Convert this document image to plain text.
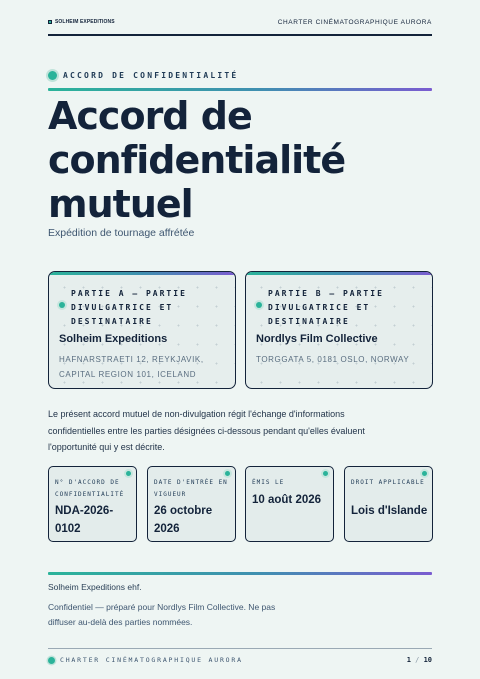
SOLHEIM EXPEDITIONS	CHARTER CINÉMATOGRAPHIQUE AURORA
ACCORD DE CONFIDENTIALITÉ
Accord de confidentialité mutuel
Expédition de tournage affrétée
PARTIE A — PARTIE DIVULGATRICE ET DESTINATAIRE
Solheim Expeditions
HAFNARSTRAETI 12, REYKJAVIK, CAPITAL REGION 101, ICELAND
PARTIE B — PARTIE DIVULGATRICE ET DESTINATAIRE
Nordlys Film Collective
TORGGATA 5, 0181 OSLO, NORWAY

Le présent accord mutuel de non-divulgation régit l'échange d'informations confidentielles entre les parties désignées ci-dessous pendant qu'elles évaluent l'opportunité qui y est décrite.

N° D'ACCORD DE CONFIDENTIALITÉ
NDA-2026-0102
DATE D'ENTRÉE EN VIGUEUR
26 octobre 2026
ÉMIS LE
10 août 2026
DROIT APPLICABLE
Lois d'Islande
Solheim Expeditions ehf.

Confidentiel — préparé pour Nordlys Film Collective. Ne pas diffuser au-delà des parties nommées.

CHARTER CINÉMATOGRAPHIQUE AURORA	1 / 10
